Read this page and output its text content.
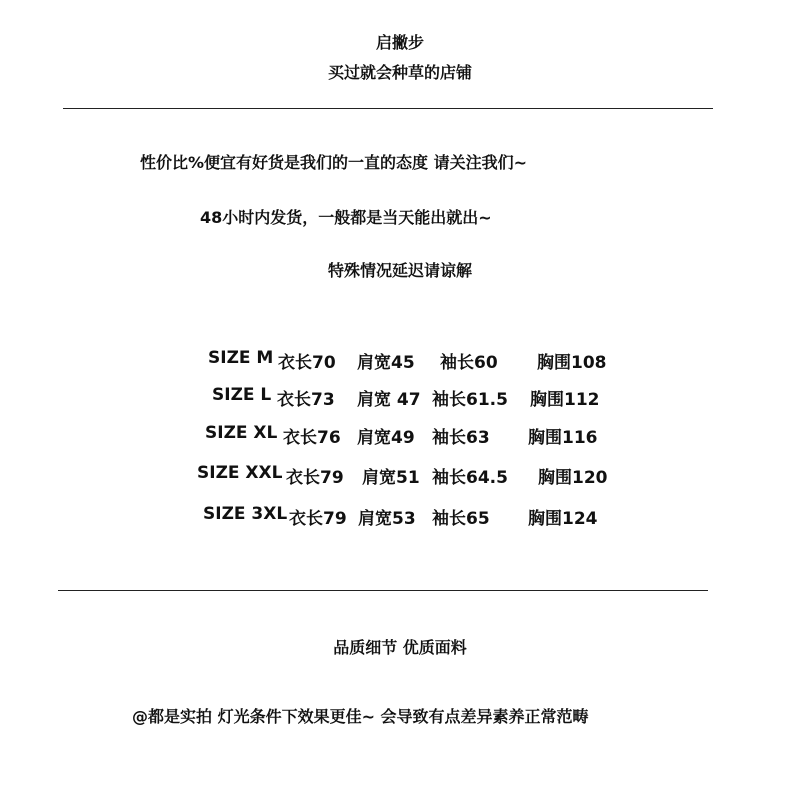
启撇步
买过就会种草的店铺
性价比%便宜有好货是我们的一直的态度 请关注我们~
48小时内发货，一般都是当天能出就出~
特殊情况延迟请谅解
SIZE M 衣长70 肩宽45 袖长60 胸围108
SIZE L 衣长73 肩宽 47 袖长61.5 胸围112
SIZE XL 衣长76 肩宽49 袖长63 胸围116
SIZE XXL 衣长79 肩宽51 袖长64.5 胸围120
SIZE 3XL 衣长79 肩宽53 袖长65 胸围124
品质细节 优质面料
@都是实拍 灯光条件下效果更佳~ 会导致有点差异素养正常范畴
